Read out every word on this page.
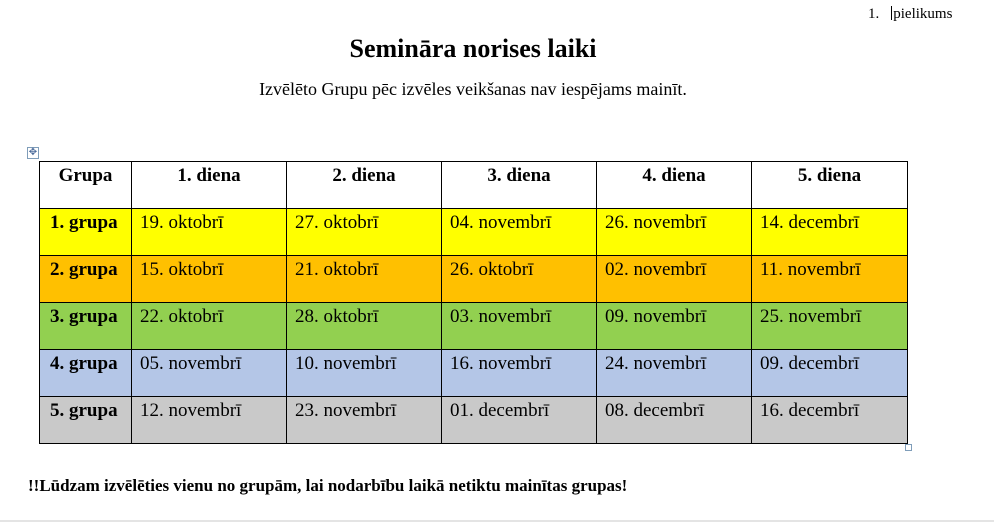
1. pielikums
Semināra norises laiki
Izvēlēto Grupu pēc izvēles veikšanas nav iespējams mainīt.
✥
Grupa	1. diena	2. diena	3. diena	4. diena	5. diena
1. grupa	19. oktobrī	27. oktobrī	04. novembrī	26. novembrī	14. decembrī
2. grupa	15. oktobrī	21. oktobrī	26. oktobrī	02. novembrī	11. novembrī
3. grupa	22. oktobrī	28. oktobrī	03. novembrī	09. novembrī	25. novembrī
4. grupa	05. novembrī	10. novembrī	16. novembrī	24. novembrī	09. decembrī
5. grupa	12. novembrī	23. novembrī	01. decembrī	08. decembrī	16. decembrī
!!Lūdzam izvēlēties vienu no grupām, lai nodarbību laikā netiktu mainītas grupas!
